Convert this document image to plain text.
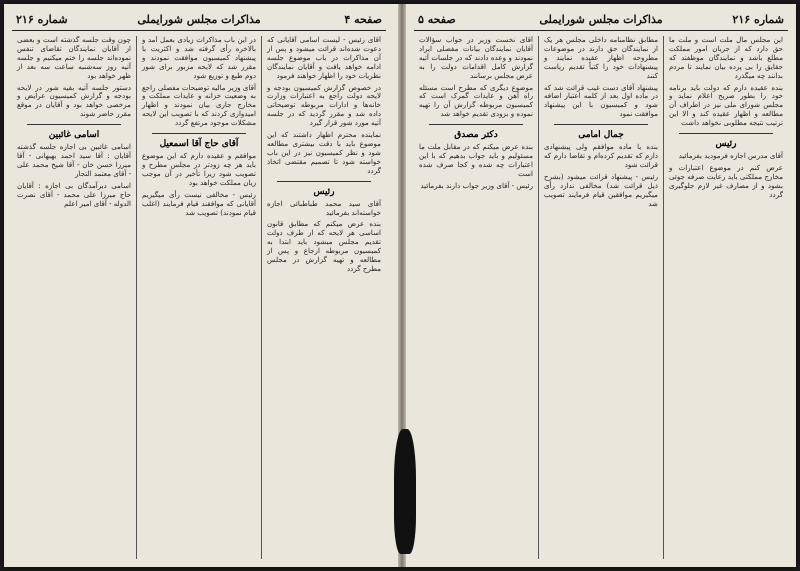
صفحه ۴
مذاکرات مجلس شورایملی
شماره ۲۱۶

آقای رئیس - لیست اسامی آقایانی که دعوت شده‌اند قرائت میشود و پس از آن مذاکرات در باب موضوع جلسه ادامه خواهد یافت و آقایان نمایندگان نظریات خود را اظهار خواهند فرمود

در خصوص گزارش کمیسیون بودجه و لایحه دولت راجع به اعتبارات وزارت خانه‌ها و ادارات مربوطه توضیحاتی داده شد و مقرر گردید که در جلسه آتیه مورد شور قرار گیرد

نماینده محترم اظهار داشتند که این موضوع باید با دقت بیشتری مطالعه شود و نظر کمیسیون نیز در این باب خواسته شود تا تصمیم مقتضی اتخاذ گردد

رئیس

آقای سید محمد طباطبائی اجازه خواسته‌اند بفرمائید

بنده عرض میکنم که مطابق قانون اساسی هر لایحه که از طرف دولت تقدیم مجلس میشود باید ابتدا به کمیسیون مربوطه ارجاع و پس از مطالعه و تهیه گزارش در مجلس مطرح گردد

در این باب مذاکرات زیادی بعمل آمد و بالاخره رأی گرفته شد و اکثریت با پیشنهاد کمیسیون موافقت نمودند و مقرر شد که لایحه مزبور برای شور دوم طبع و توزیع شود

آقای وزیر مالیه توضیحات مفصلی راجع به وضعیت خزانه و عایدات مملکت و مخارج جاری بیان نمودند و اظهار امیدواری کردند که با تصویب این لایحه مشکلات موجود مرتفع گردد

آقای حاج آقا اسمعیل

موافقم و عقیده دارم که این موضوع باید هر چه زودتر در مجلس مطرح و تصویب شود زیرا تأخیر در آن موجب زیان مملکت خواهد بود

رئیس - مخالفی نیست رأی میگیریم آقایانی که موافقند قیام فرمایند (اغلب قیام نمودند) تصویب شد

چون وقت جلسه گذشته است و بعضی از آقایان نمایندگان تقاضای تنفس نموده‌اند جلسه را ختم میکنیم و جلسه آتیه روز سه‌شنبه ساعت سه بعد از ظهر خواهد بود

دستور جلسه آتیه بقیه شور در لایحه بودجه و گزارش کمیسیون عرایض و مرخصی خواهد بود و آقایان در موقع مقرر حاضر شوند

اسامی غائبین

اسامی غائبین بی اجازه جلسه گذشته آقایان : آقا سید احمد بهبهانی - آقا میرزا حسن خان - آقا شیخ محمد علی - آقای معتمد التجار

اسامی دیرآمدگان بی اجازه : آقایان حاج میرزا علی محمد - آقای نصرت الدوله - آقای امیر اعلم

شماره ۲۱۶
مذاکرات مجلس شورایملی
صفحه ۵

این مجلس مال ملت است و ملت ما حق دارد که از جریان امور مملکت مطلع باشد و نمایندگان موظفند که حقایق را بی پرده بیان نمایند تا مردم بدانند چه میگذرد

بنده عقیده دارم که دولت باید برنامه خود را بطور صریح اعلام نماید و مجلس شورای ملی نیز در اطراف آن مطالعه و اظهار عقیده کند و الا این ترتیب نتیجه مطلوبی نخواهد داشت

رئیس

آقای مدرس اجازه فرمودید بفرمائید

عرض کنم در موضوع اعتبارات و مخارج مملکتی باید رعایت صرفه جوئی بشود و از مصارف غیر لازم جلوگیری گردد

مطابق نظامنامه داخلی مجلس هر یک از نمایندگان حق دارند در موضوعات مطروحه اظهار عقیده نمایند و پیشنهادات خود را کتباً تقدیم ریاست کنند

پیشنهاد آقای دست غیب قرائت شد که در ماده اول بعد از کلمه اعتبار اضافه شود و کمیسیون با این پیشنهاد موافقت نمود

جمال امامی

بنده با ماده موافقم ولی پیشنهادی دارم که تقدیم کرده‌ام و تقاضا دارم که قرائت شود

رئیس - پیشنهاد قرائت میشود (بشرح ذیل قرائت شد) مخالفی ندارد رأی میگیریم موافقین قیام فرمایند تصویب شد

آقای نخست وزیر در جواب سؤالات آقایان نمایندگان بیانات مفصلی ایراد نمودند و وعده دادند که در جلسات آتیه گزارش کامل اقدامات دولت را به عرض مجلس برسانند

موضوع دیگری که مطرح است مسئله راه آهن و عایدات گمرک است که کمیسیون مربوطه گزارش آن را تهیه نموده و بزودی تقدیم خواهد شد

دکتر مصدق

بنده عرض میکنم که در مقابل ملت ما مسئولیم و باید جواب بدهیم که با این اعتبارات چه شده و کجا صرف شده است

رئیس - آقای وزیر جواب دارند بفرمائید
